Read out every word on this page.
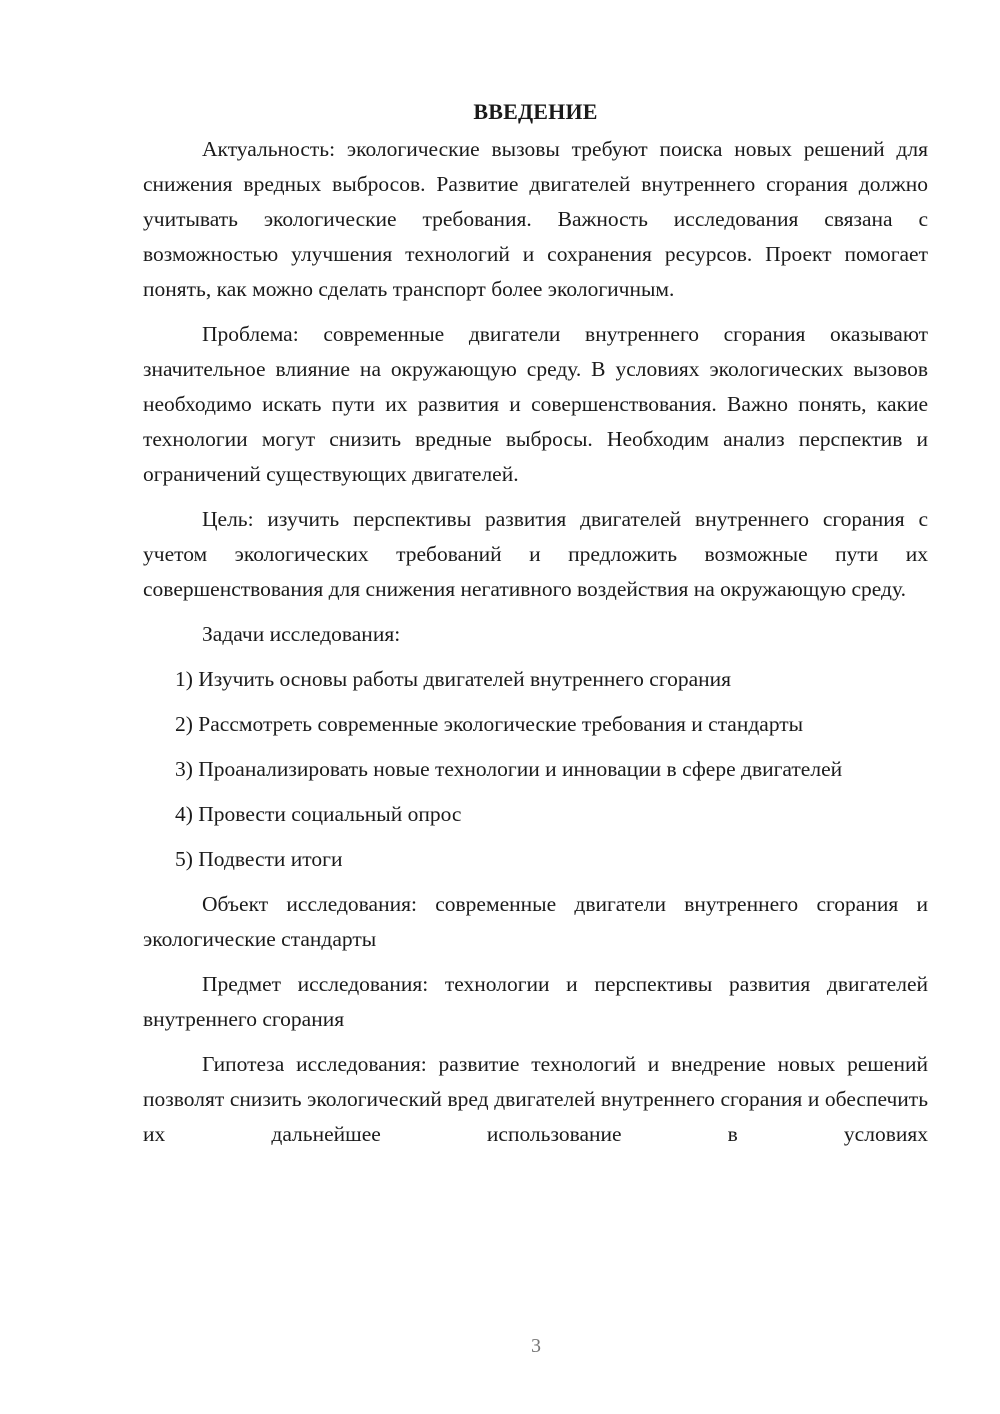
ВВЕДЕНИЕ

Актуальность: экологические вызовы требуют поиска новых решений для снижения вредных выбросов. Развитие двигателей внутреннего сгорания должно учитывать экологические требования. Важность исследования связана с возможностью улучшения технологий и сохранения ресурсов. Проект помогает понять, как можно сделать транспорт более экологичным.

Проблема: современные двигатели внутреннего сгорания оказывают значительное влияние на окружающую среду. В условиях экологических вызовов необходимо искать пути их развития и совершенствования. Важно понять, какие технологии могут снизить вредные выбросы. Необходим анализ перспектив и ограничений существующих двигателей.

Цель: изучить перспективы развития двигателей внутреннего сгорания с учетом экологических требований и предложить возможные пути их совершенствования для снижения негативного воздействия на окружающую среду.

Задачи исследования:

1) Изучить основы работы двигателей внутреннего сгорания

2) Рассмотреть современные экологические требования и стандарты

3) Проанализировать новые технологии и инновации в сфере двигателей

4) Провести социальный опрос

5) Подвести итоги

Объект исследования: современные двигатели внутреннего сгорания и экологические стандарты

Предмет исследования: технологии и перспективы развития двигателей внутреннего сгорания

Гипотеза исследования: развитие технологий и внедрение новых решений позволят снизить экологический вред двигателей внутреннего сгорания и обеспечить их дальнейшее использование в условиях

3
